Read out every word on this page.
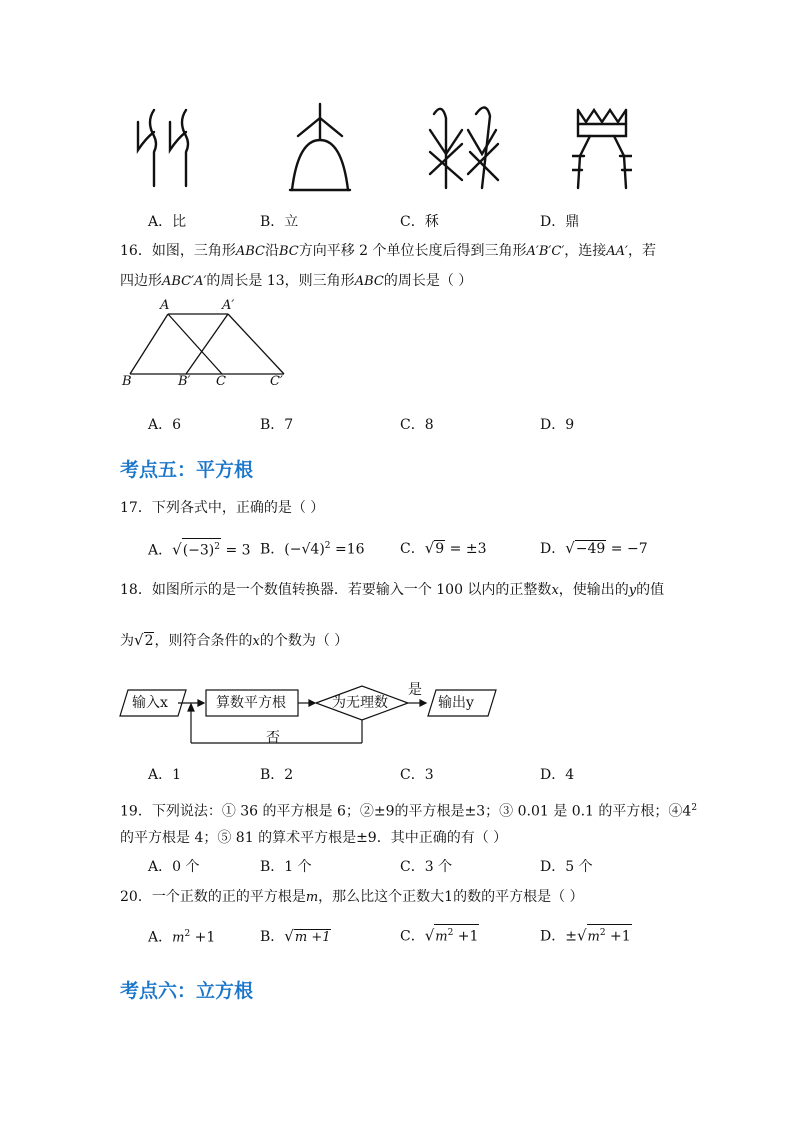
A．比	B．立	C．秝	D．鼎
16．如图，三角形ABC沿BC方向平移 2 个单位长度后得到三角形A′B′C′，连接AA′，若
四边形ABC′A′的周长是 13，则三角形ABC的周长是（ ）
A	A′
B	B′ C	C′
A．6	B．7	C．8	D．9
考点五：平方根
17．下列各式中，正确的是（ ）
A．$√(-3)^2 = 3$ B．$(-√4)^2 =16$	C．√9 = ±3	D．√−49 = −7
18．如图所示的是一个数值转换器．若要输入一个 100 以内的正整数x，使输出的y的值
为√2，则符合条件的x的个数为（ ）
输入x	算数平方根	为无理数
是
输出y
否
A．1	B．2	C．3	D．4
19．下列说法：① 36 的平方根是 6；②±9的平方根是±3；③ 0.01 是 0.1 的平方根；$④4^2$
的平方根是 4；⑤ 81 的算术平方根是±9．其中正确的有（ ）
A．0 个	B．1 个	C．3 个	D．5 个
20．一个正数的正的平方根是m，那么比这个正数大1的数的平方根是（ ）
A．$m^2 +1$	B．√m +1	C．$√m^2 +1$	D．$\pm√m^2 +1$
考点六：立方根
